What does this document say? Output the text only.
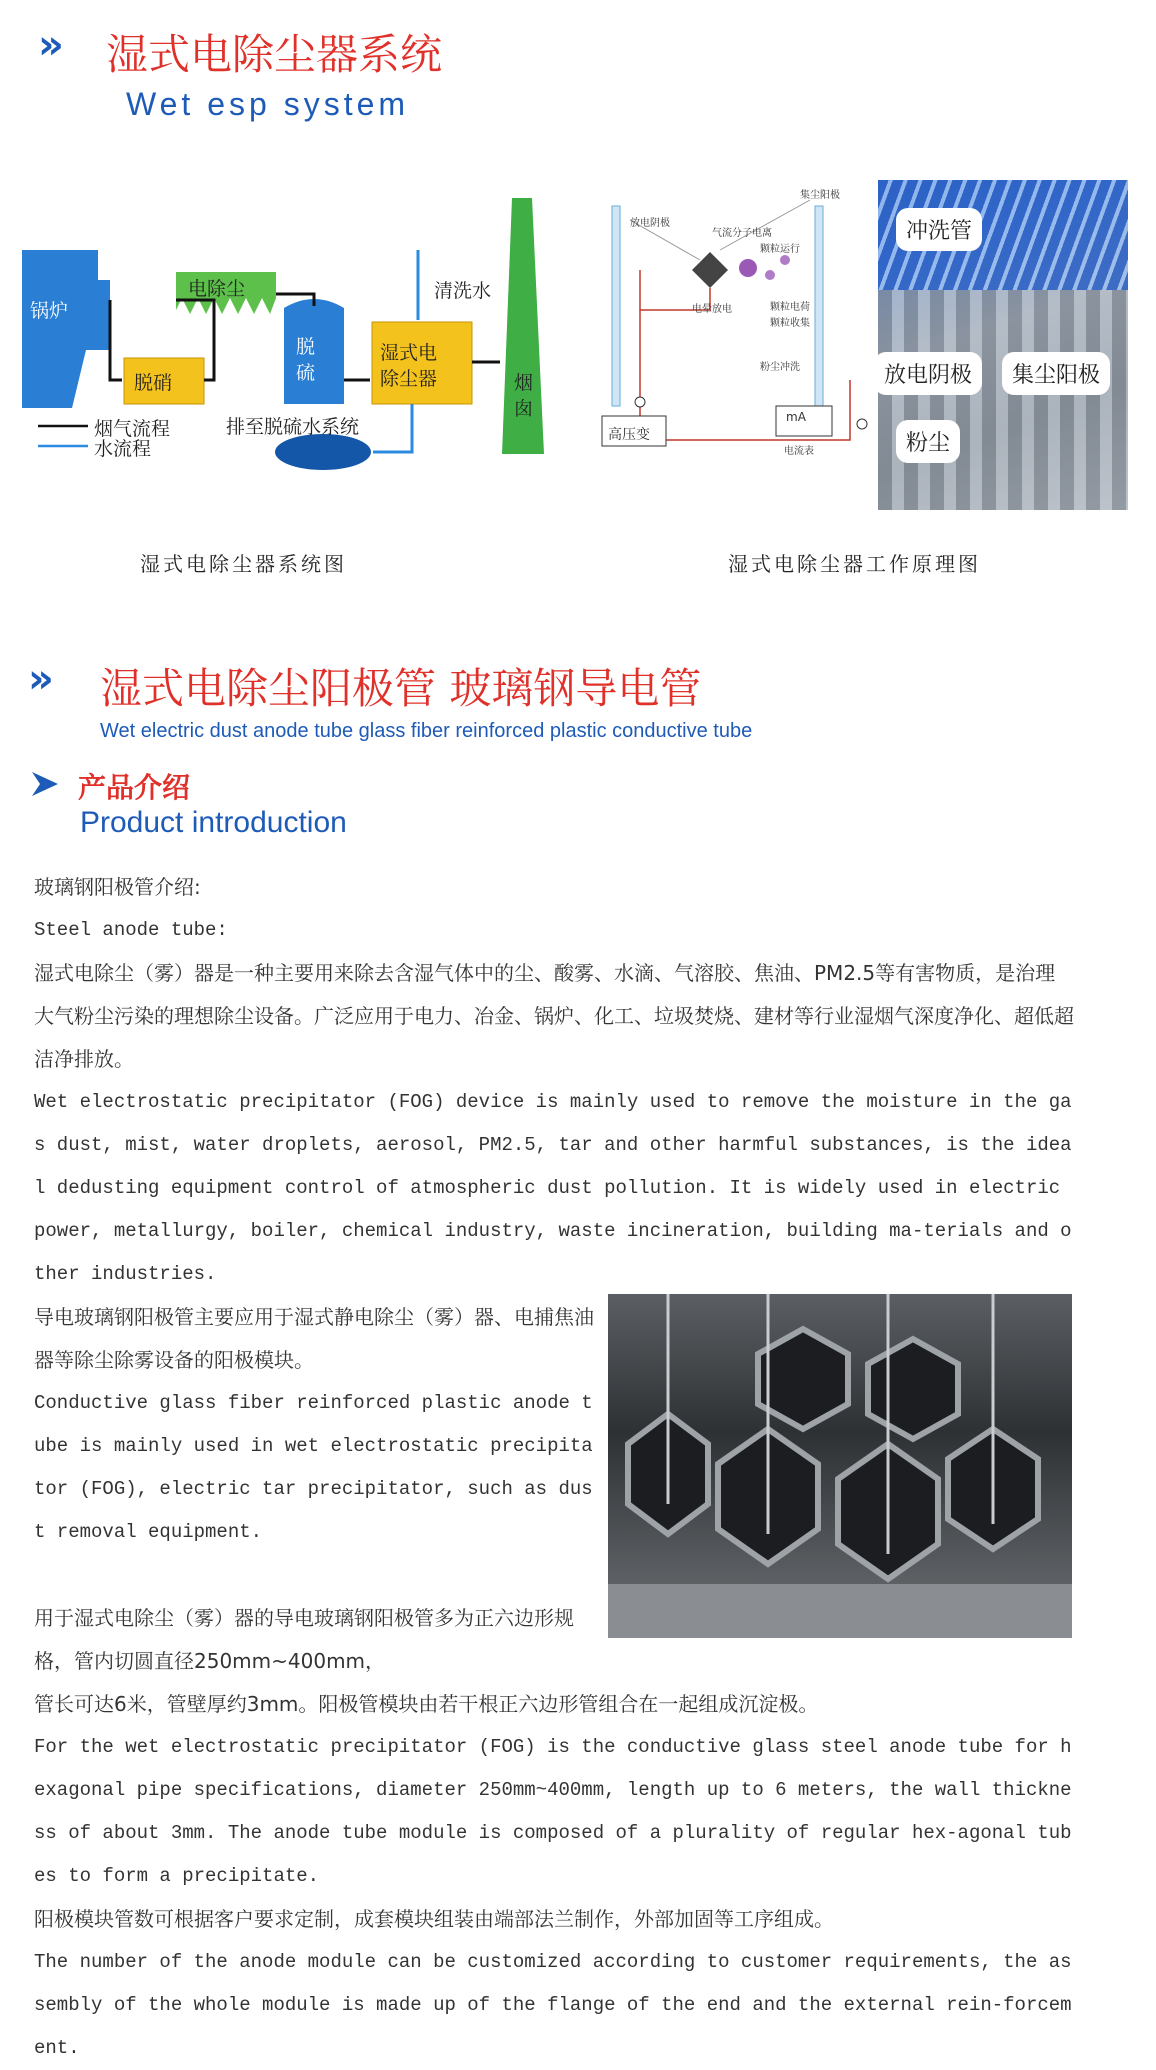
» 湿式电除尘器系统
Wet esp system
锅炉
脱硝
电除尘
脱
硫
湿式电
除尘器
清洗水
烟
囱
排至脱硫水系统
烟气流程
水流程
湿式电除尘器系统图
高压变
放电阴极
集尘阳极
气流分子电离
电晕放电
颗粒运行
颗粒电荷
颗粒收集
粉尘冲洗
mA
电流表
冲洗管
放电阴极	集尘阳极
粉尘
湿式电除尘器工作原理图
» 湿式电除尘阳极管 玻璃钢导电管
Wet electric dust anode tube glass fiber reinforced plastic conductive tube
产品介绍
Product introduction
玻璃钢阳极管介绍:
Steel anode tube:
湿式电除尘（雾）器是一种主要用来除去含湿气体中的尘、酸雾、水滴、气溶胶、焦油、PM2.5等有害物质，是治理大气粉尘污染的理想除尘设备。广泛应用于电力、冶金、锅炉、化工、垃圾焚烧、建材等行业湿烟气深度净化、超低超洁净排放。
Wet electrostatic precipitator (FOG) device is mainly used to remove the moisture in the gas dust, mist, water droplets, aerosol, PM2.5, tar and other harmful substances, is the ideal dedusting equipment control of atmospheric dust pollution. It is widely used in electric power, metallurgy, boiler, chemical industry, waste incineration, building ma-terials and other industries.
导电玻璃钢阳极管主要应用于湿式静电除尘（雾）器、电捕焦油器等除尘除雾设备的阳极模块。
Conductive glass fiber reinforced plastic anode tube is mainly used in wet electrostatic precipitator (FOG), electric tar precipitator, such as dust removal equipment.
用于湿式电除尘（雾）器的导电玻璃钢阳极管多为正六边形规格，管内切圆直径250mm~400mm，
管长可达6米，管壁厚约3mm。阳极管模块由若干根正六边形管组合在一起组成沉淀极。
For the wet electrostatic precipitator (FOG) is the conductive glass steel anode tube for hexagonal pipe specifications, diameter 250mm~400mm, length up to 6 meters, the wall thickness of about 3mm. The anode tube module is composed of a plurality of regular hex-agonal tubes to form a precipitate.
阳极模块管数可根据客户要求定制，成套模块组装由端部法兰制作，外部加固等工序组成。
The number of the anode module can be customized according to customer requirements, the assembly of the whole module is made up of the flange of the end and the external rein-forcement.
